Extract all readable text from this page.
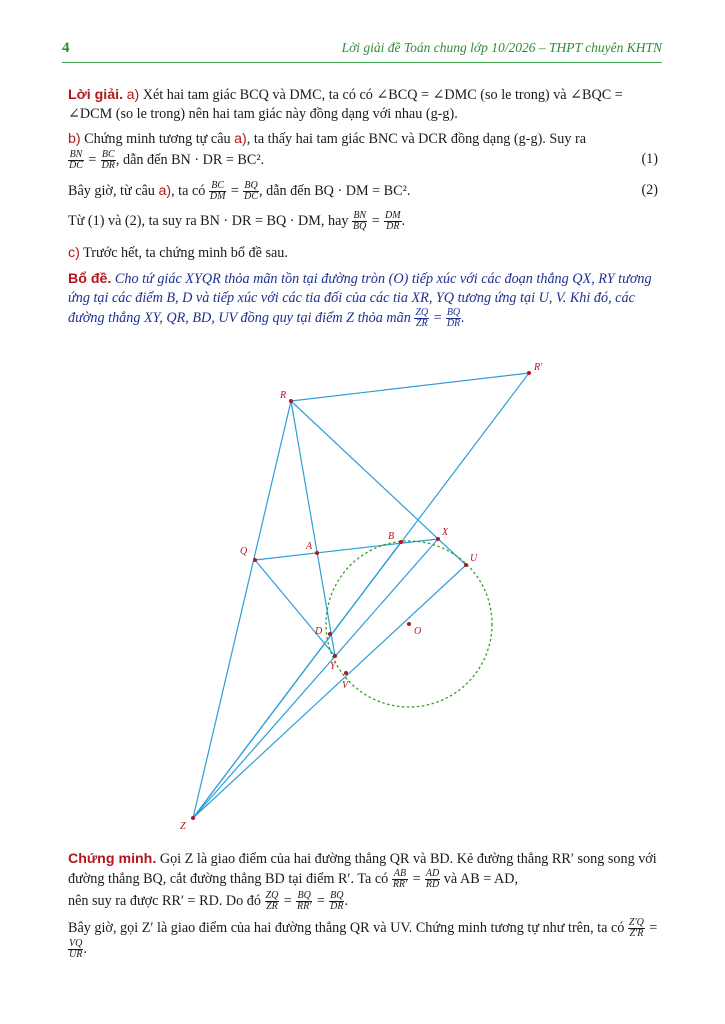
4	Lời giải đề Toán chung lớp 10/2026 – THPT chuyên KHTN
Lời giải. a) Xét hai tam giác BCQ và DMC, ta có có ∠BCQ = ∠DMC (so le trong) và ∠BQC = ∠DCM (so le trong) nên hai tam giác này đồng dạng với nhau (g-g).
b) Chứng minh tương tự câu a), ta thấy hai tam giác BNC và DCR đồng dạng (g-g). Suy ra
$\frac{BN}{DC} = \frac{BC}{DR}$ , dẫn đến BN · DR = BC².	(1)
Bây giờ, từ câu a), ta có $\frac{BC}{DM} = \frac{BQ}{DC}$ , dẫn đến BQ · DM = BC².	(2)
Từ (1) và (2), ta suy ra BN · DR = BQ · DM, hay $\frac{BN}{BQ} = \frac{DM}{DR}$ .
c) Trước hết, ta chứng minh bổ đề sau.
Bổ đề. Cho tứ giác XYQR thỏa mãn tồn tại đường tròn (O) tiếp xúc với các đoạn thẳng QX, RY tương ứng tại các điểm B, D và tiếp xúc với các tia đối của các tia XR, YQ tương ứng tại U, V. Khi đó, các đường thẳng XY, QR, BD, UV đồng quy tại điểm Z thỏa mãn $\frac{ZQ}{ZR} = \frac{BQ}{DR}$ .
R′
R
B	X
Q	A
U
D	O
Y
V
Z
Chứng minh. Gọi Z là giao điểm của hai đường thẳng QR và BD. Kẻ đường thẳng RR′ song song với đường thẳng BQ, cắt đường thẳng BD tại điểm R′. Ta có $\frac{AB}{RR'} = \frac{AD}{RD}$ và AB = AD,
nên suy ra được RR′ = RD. Do đó $\frac{ZQ}{ZR} = \frac{BQ}{RR'} = \frac{BQ}{DR}$ .
Bây giờ, gọi Z′ là giao điểm của hai đường thẳng QR và UV. Chứng minh tương tự như trên, ta có $\frac{Z'Q}{Z'R}$ =
$\frac{VQ}{UR}$ .
